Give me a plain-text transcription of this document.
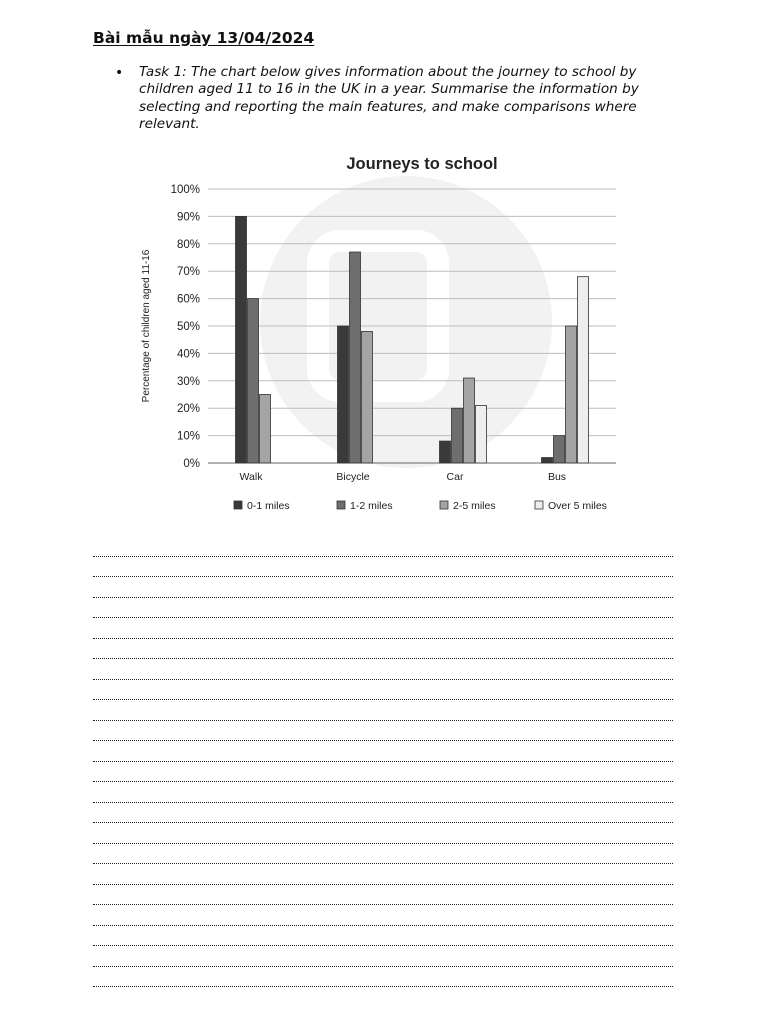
Bài mẫu ngày 13/04/2024
• Task 1: The chart below gives information about the journey to school by children aged 11 to 16 in the UK in a year. Summarise the information by selecting and reporting the main features, and make comparisons where relevant.
Journeys to school
0%
10%
20%
30%
40%
50%
60%
70%
80%
90%
100%
Percentage of children aged 11-16
Walk	Bicycle	Car	Bus
0-1 miles	1-2 miles	2-5 miles	Over 5 miles
